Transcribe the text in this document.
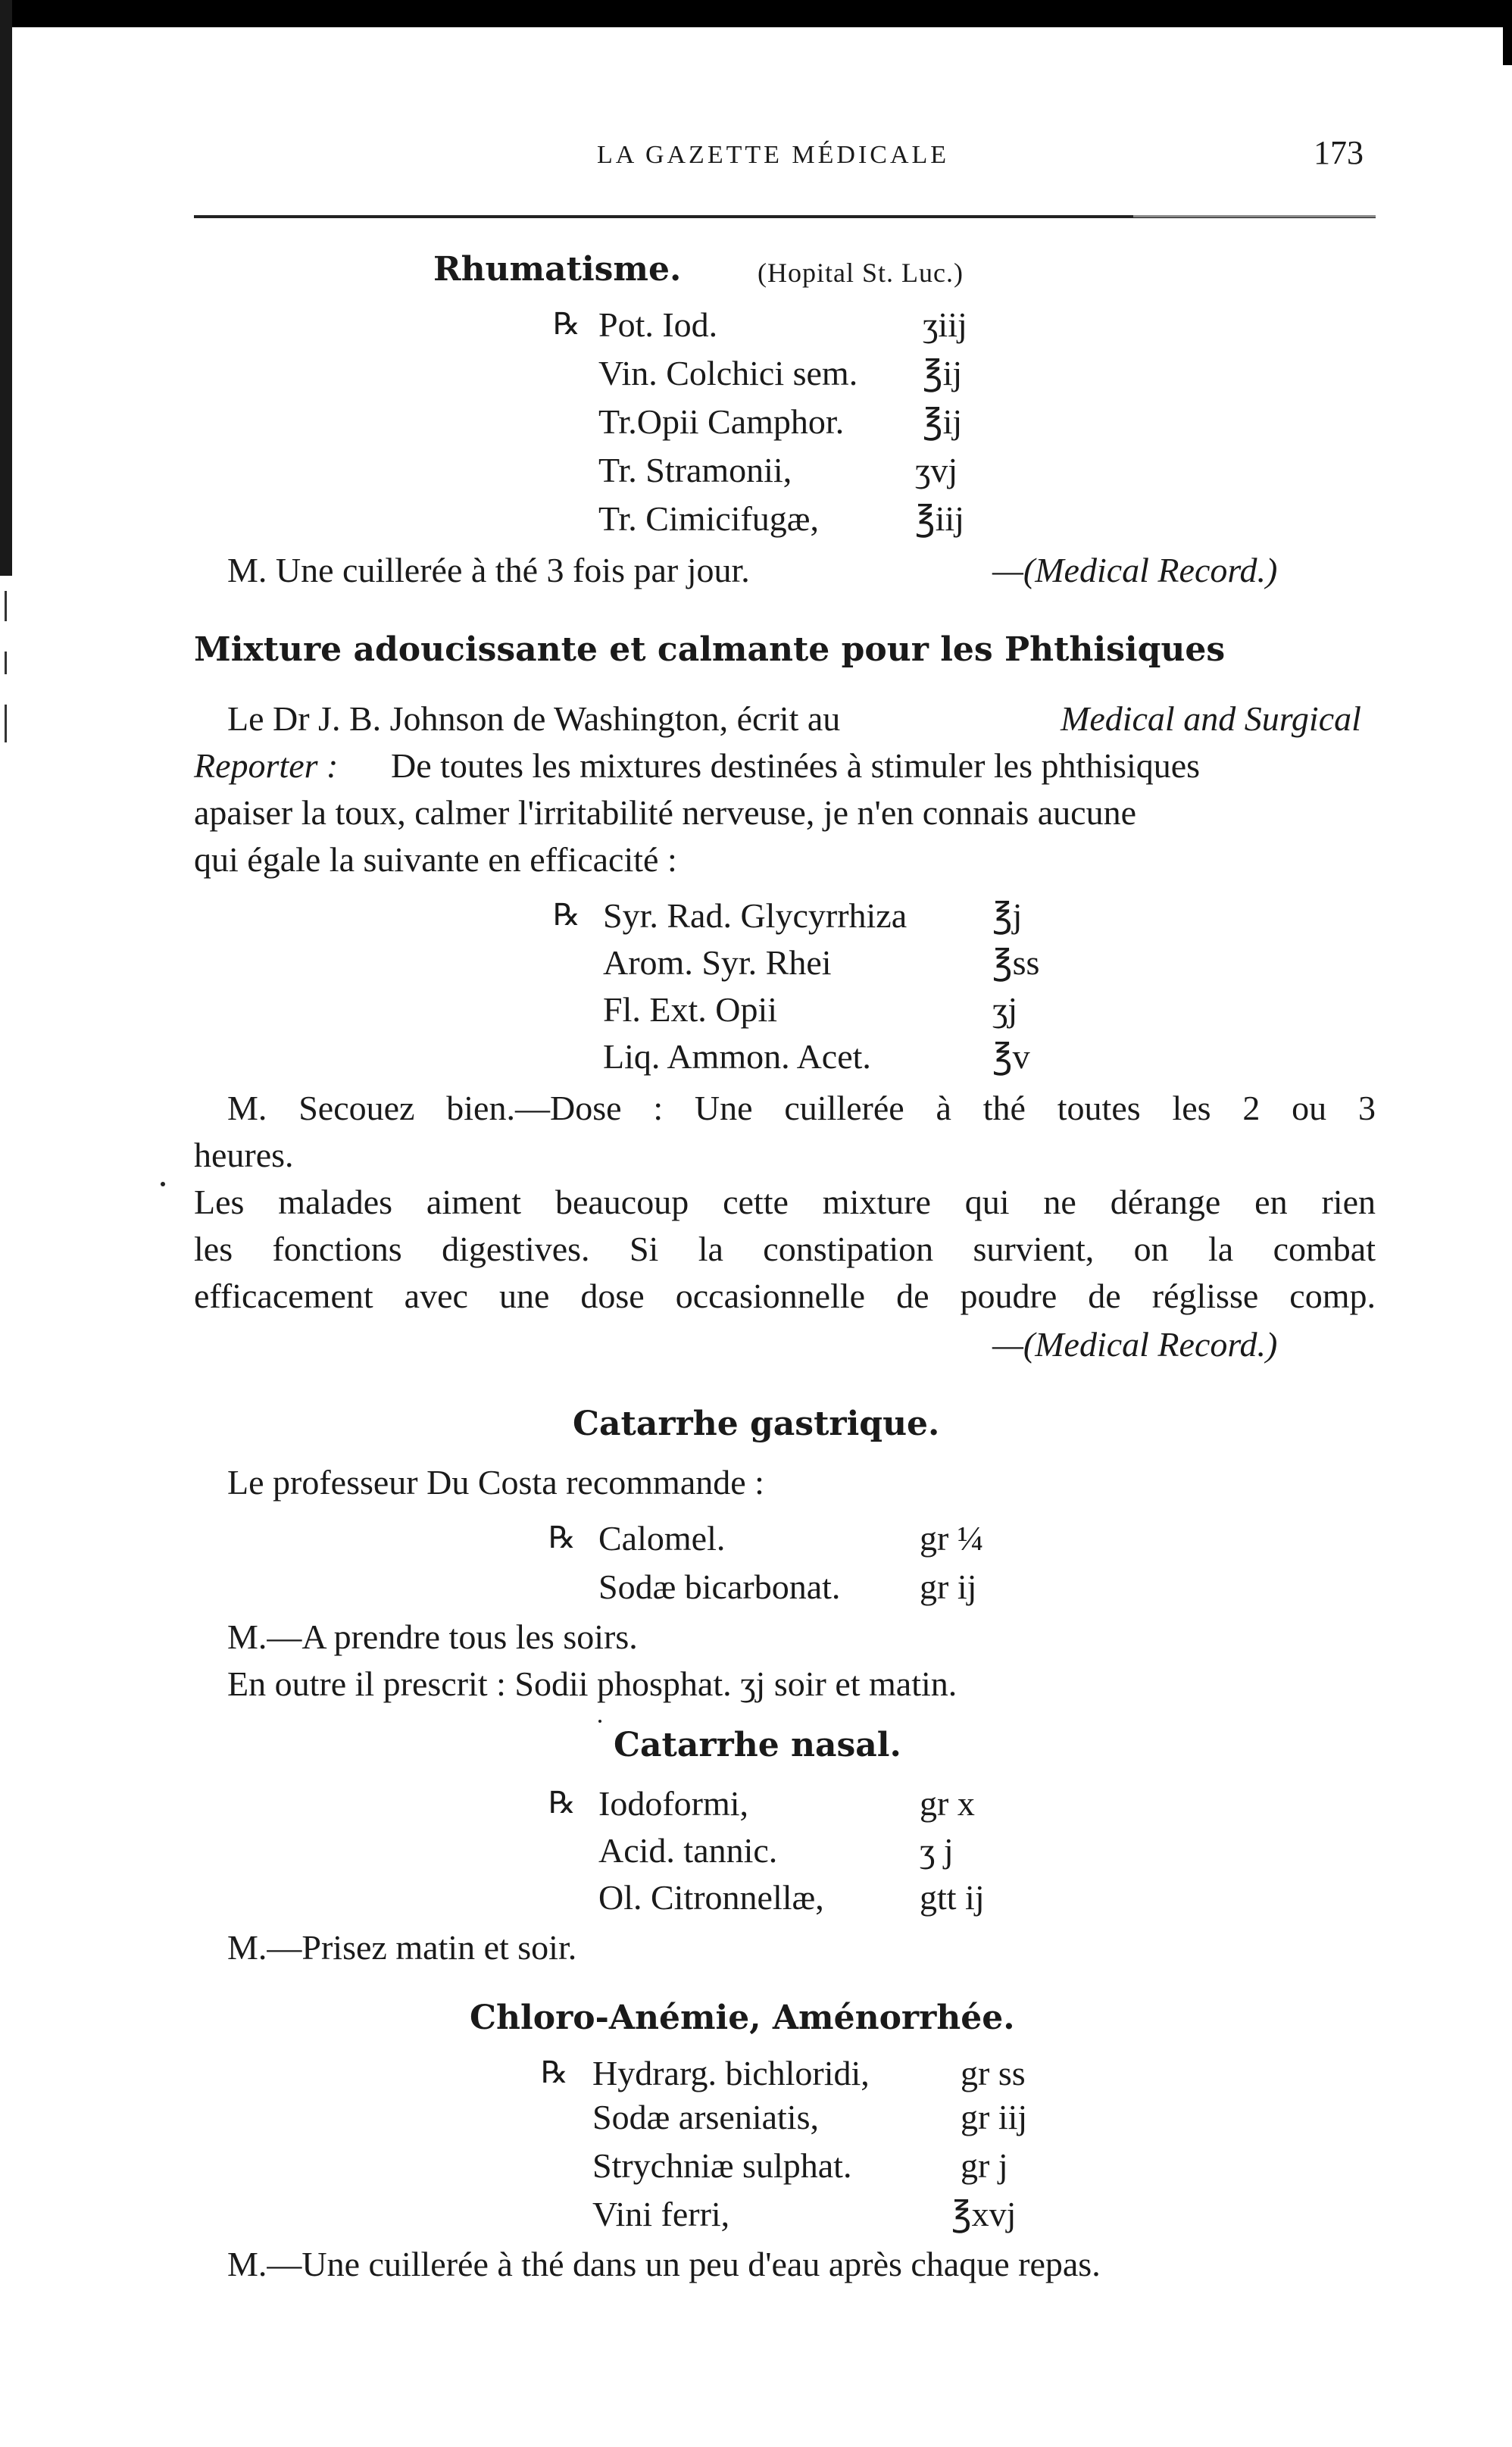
LA GAZETTE MÉDICALE	173
Rhumatisme.	(Hopital St. Luc.)
℞ Pot. Iod.	ʒiij
Vin. Colchici sem. ℥ij
Tr.Opii Camphor. ℥ij
Tr. Stramonii,	ʒvj
Tr. Cimicifugæ,	℥iij
M. Une cuillerée à thé 3 fois par jour.	—(Medical Record.)
Mixture adoucissante et calmante pour les Phthisiques
Le Dr J. B. Johnson de Washington, écrit au	Medical and Surgical
Reporter : De toutes les mixtures destinées à stimuler les phthisiques
apaiser la toux, calmer l'irritabilité nerveuse, je n'en connais aucune
qui égale la suivante en efficacité :
℞ Syr. Rad. Glycyrrhiza ℥j
Arom. Syr. Rhei	℥ss
Fl. Ext. Opii	ʒj
Liq. Ammon. Acet.	℥v
M. Secouez bien.—Dose : Une cuillerée à thé toutes les 2 ou 3
heures.
Les malades aiment beaucoup cette mixture qui ne dérange en rien
les fonctions digestives. Si la constipation survient, on la combat
efficacement avec une dose occasionnelle de poudre de réglisse comp.
—(Medical Record.)
Catarrhe gastrique.
Le professeur Du Costa recommande :
℞ Calomel.	gr ¼
Sodæ bicarbonat. gr ij
M.—A prendre tous les soirs.
En outre il prescrit : Sodii phosphat. ʒj soir et matin.
Catarrhe nasal.
℞ Iodoformi,	gr x
Acid. tannic.	ʒ j
Ol. Citronnellæ,	gtt ij
M.—Prisez matin et soir.
Chloro-Anémie, Aménorrhée.
℞ Hydrarg. bichloridi,	gr ss
Sodæ arseniatis,	gr iij
Strychniæ sulphat.	gr j
Vini ferri,	℥xvj
M.—Une cuillerée à thé dans un peu d'eau après chaque repas.
